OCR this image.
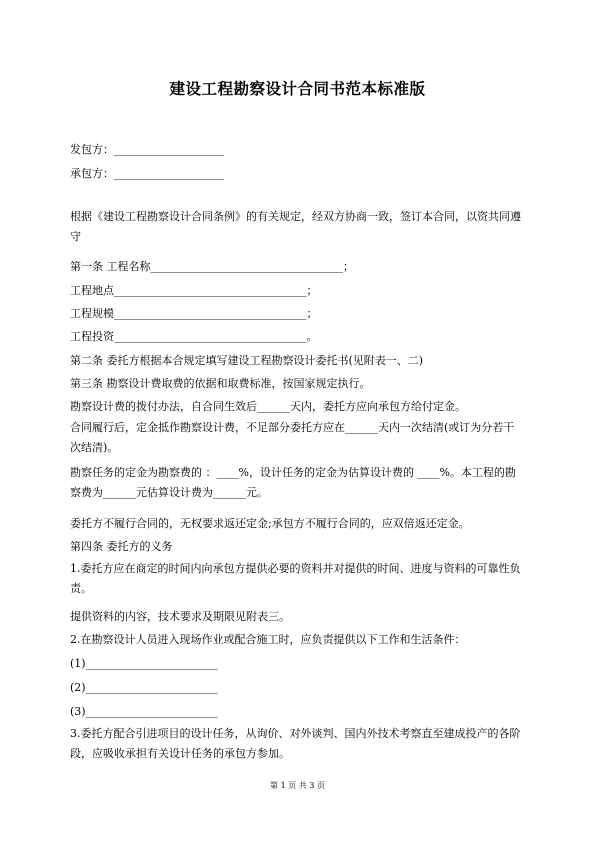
建设工程勘察设计合同书范本标准版
发包方：____________________
承包方：____________________
根据《建设工程勘察设计合同条例》的有关规定，经双方协商一致，签订本合同，以资共同遵守
第一条 工程名称___________________________________；
工程地点___________________________________；
工程规模___________________________________；
工程投资___________________________________。
第二条 委托方根据本合规定填写建设工程勘察设计委托书(见附表一、二)
第三条 勘察设计费取费的依据和取费标准，按国家规定执行。
勘察设计费的拨付办法，自合同生效后______天内，委托方应向承包方给付定金。
合同履行后，定金抵作勘察设计费，不足部分委托方应在______天内一次结清(或订为分若干次结清)。
勘察任务的定金为勘察费的 ：____%，设计任务的定金为估算设计费的 ____%。本工程的勘察费为______元估算设计费为______元。
委托方不履行合同的，无权要求返还定金;承包方不履行合同的，应双倍返还定金。
第四条 委托方的义务
1.委托方应在商定的时间内向承包方提供必要的资料并对提供的时间、进度与资料的可靠性负责。
提供资料的内容，技术要求及期限见附表三。
2.在勘察设计人员进入现场作业或配合施工时，应负责提供以下工作和生活条件：
(1)________________________
(2)________________________
(3)________________________
3.委托方配合引进项目的设计任务，从询价、对外谈判、国内外技术考察直至建成投产的各阶段，应吸收承担有关设计任务的承包方参加。
第 1 页 共 3 页
